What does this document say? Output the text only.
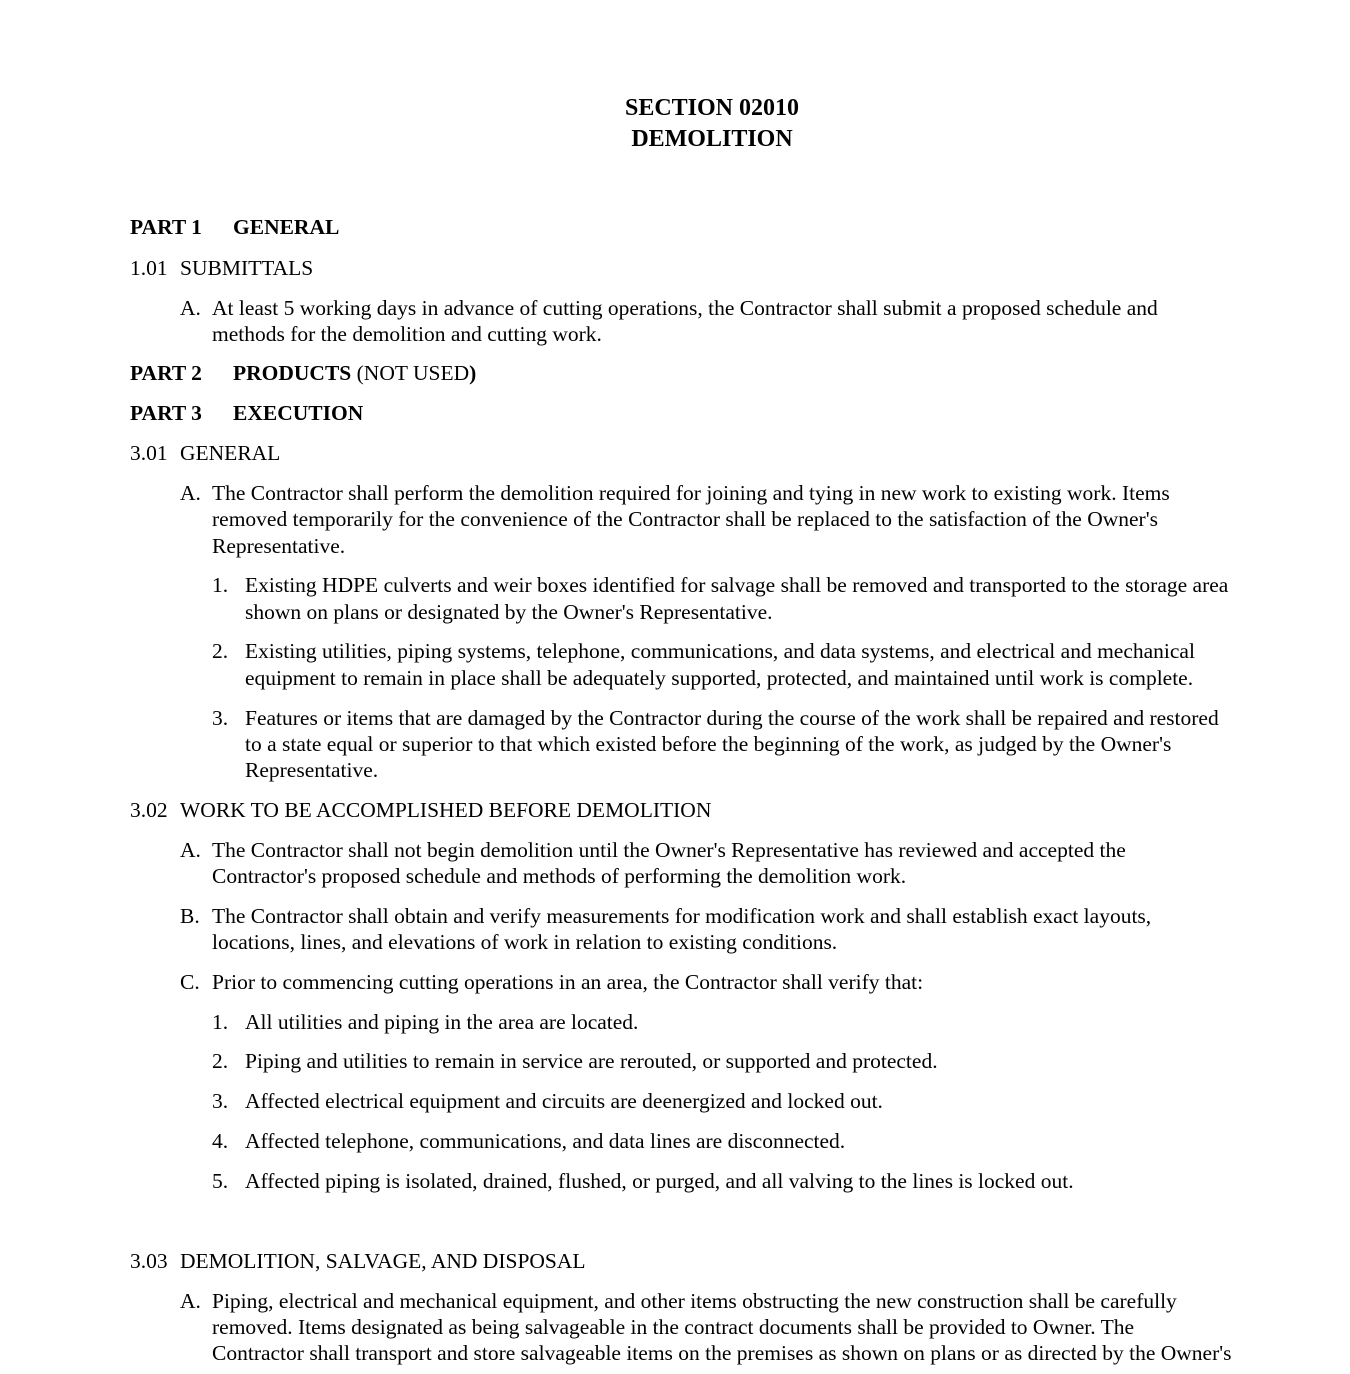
SECTION 02010
DEMOLITION
PART 1 GENERAL
1.01 SUBMITTALS
A. At least 5 working days in advance of cutting operations, the Contractor shall submit a proposed schedule and
methods for the demolition and cutting work.
PART 2 PRODUCTS (NOT USED)
PART 3 EXECUTION
3.01 GENERAL
A. The Contractor shall perform the demolition required for joining and tying in new work to existing work. Items
removed temporarily for the convenience of the Contractor shall be replaced to the satisfaction of the Owner's
Representative.
1. Existing HDPE culverts and weir boxes identified for salvage shall be removed and transported to the storage area
shown on plans or designated by the Owner's Representative.
2. Existing utilities, piping systems, telephone, communications, and data systems, and electrical and mechanical
equipment to remain in place shall be adequately supported, protected, and maintained until work is complete.
3. Features or items that are damaged by the Contractor during the course of the work shall be repaired and restored
to a state equal or superior to that which existed before the beginning of the work, as judged by the Owner's
Representative.
3.02 WORK TO BE ACCOMPLISHED BEFORE DEMOLITION
A. The Contractor shall not begin demolition until the Owner's Representative has reviewed and accepted the
Contractor's proposed schedule and methods of performing the demolition work.
B. The Contractor shall obtain and verify measurements for modification work and shall establish exact layouts,
locations, lines, and elevations of work in relation to existing conditions.
C. Prior to commencing cutting operations in an area, the Contractor shall verify that:
1. All utilities and piping in the area are located.
2. Piping and utilities to remain in service are rerouted, or supported and protected.
3. Affected electrical equipment and circuits are deenergized and locked out.
4. Affected telephone, communications, and data lines are disconnected.
5. Affected piping is isolated, drained, flushed, or purged, and all valving to the lines is locked out.
3.03 DEMOLITION, SALVAGE, AND DISPOSAL
A. Piping, electrical and mechanical equipment, and other items obstructing the new construction shall be carefully
removed. Items designated as being salvageable in the contract documents shall be provided to Owner. The
Contractor shall transport and store salvageable items on the premises as shown on plans or as directed by the Owner's
